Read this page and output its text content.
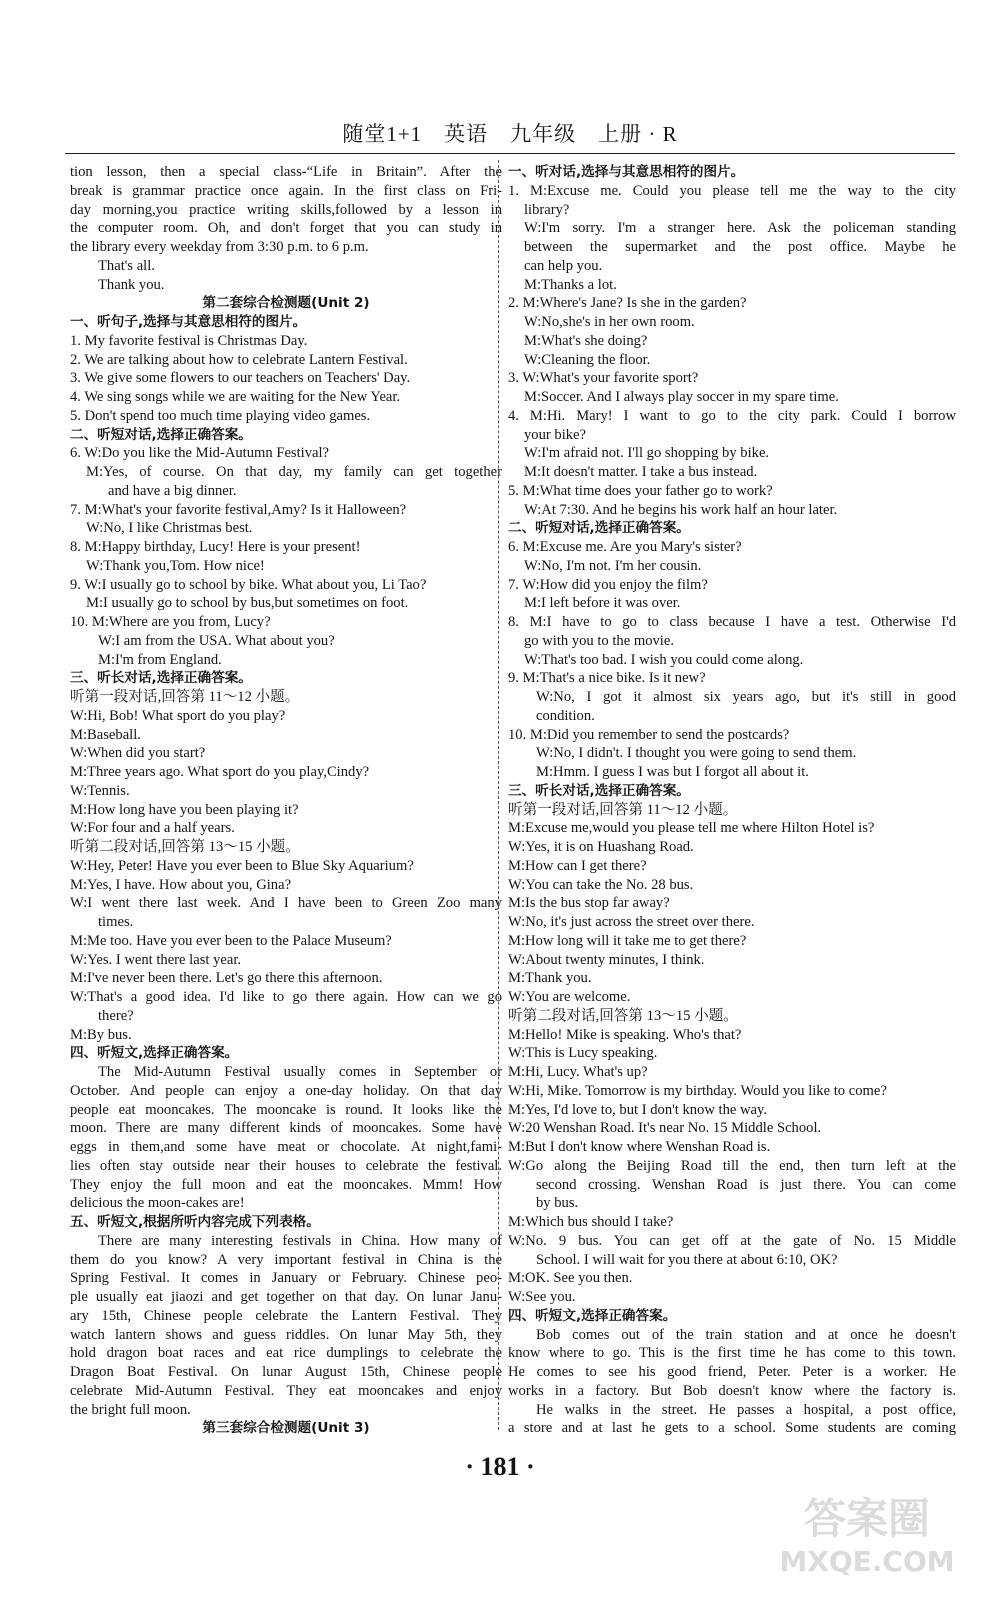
随堂1+1　英语　九年级　上册 · R
tion lesson, then a special class-“Life in Britain”. After the
break is grammar practice once again. In the first class on Fri-
day morning,you practice writing skills,followed by a lesson in
the computer room. Oh, and don't forget that you can study in
the library every weekday from 3:30 p.m. to 6 p.m.
That's all.
Thank you.
第二套综合检测题(Unit 2)
一、听句子,选择与其意思相符的图片。
1. My favorite festival is Christmas Day.
2. We are talking about how to celebrate Lantern Festival.
3. We give some flowers to our teachers on Teachers' Day.
4. We sing songs while we are waiting for the New Year.
5. Don't spend too much time playing video games.
二、听短对话,选择正确答案。
6. W:Do you like the Mid-Autumn Festival?
M:Yes, of course. On that day, my family can get together
and have a big dinner.
7. M:What's your favorite festival,Amy? Is it Halloween?
W:No, I like Christmas best.
8. M:Happy birthday, Lucy! Here is your present!
W:Thank you,Tom. How nice!
9. W:I usually go to school by bike. What about you, Li Tao?
M:I usually go to school by bus,but sometimes on foot.
10. M:Where are you from, Lucy?
W:I am from the USA. What about you?
M:I'm from England.
三、听长对话,选择正确答案。
听第一段对话,回答第 11～12 小题。
W:Hi, Bob! What sport do you play?
M:Baseball.
W:When did you start?
M:Three years ago. What sport do you play,Cindy?
W:Tennis.
M:How long have you been playing it?
W:For four and a half years.
听第二段对话,回答第 13～15 小题。
W:Hey, Peter! Have you ever been to Blue Sky Aquarium?
M:Yes, I have. How about you, Gina?
W:I went there last week. And I have been to Green Zoo many
times.
M:Me too. Have you ever been to the Palace Museum?
W:Yes. I went there last year.
M:I've never been there. Let's go there this afternoon.
W:That's a good idea. I'd like to go there again. How can we go
there?
M:By bus.
四、听短文,选择正确答案。
The Mid-Autumn Festival usually comes in September or
October. And people can enjoy a one-day holiday. On that day
people eat mooncakes. The mooncake is round. It looks like the
moon. There are many different kinds of mooncakes. Some have
eggs in them,and some have meat or chocolate. At night,fami-
lies often stay outside near their houses to celebrate the festival.
They enjoy the full moon and eat the mooncakes. Mmm! How
delicious the moon-cakes are!
五、听短文,根据所听内容完成下列表格。
There are many interesting festivals in China. How many of
them do you know? A very important festival in China is the
Spring Festival. It comes in January or February. Chinese peo-
ple usually eat jiaozi and get together on that day. On lunar Janu-
ary 15th, Chinese people celebrate the Lantern Festival. They
watch lantern shows and guess riddles. On lunar May 5th, they
hold dragon boat races and eat rice dumplings to celebrate the
Dragon Boat Festival. On lunar August 15th, Chinese people
celebrate Mid-Autumn Festival. They eat mooncakes and enjoy
the bright full moon.
第三套综合检测题(Unit 3)
一、听对话,选择与其意思相符的图片。
1. M:Excuse me. Could you please tell me the way to the city
library?
W:I'm sorry. I'm a stranger here. Ask the policeman standing
between the supermarket and the post office. Maybe he
can help you.
M:Thanks a lot.
2. M:Where's Jane? Is she in the garden?
W:No,she's in her own room.
M:What's she doing?
W:Cleaning the floor.
3. W:What's your favorite sport?
M:Soccer. And I always play soccer in my spare time.
4. M:Hi. Mary! I want to go to the city park. Could I borrow
your bike?
W:I'm afraid not. I'll go shopping by bike.
M:It doesn't matter. I take a bus instead.
5. M:What time does your father go to work?
W:At 7:30. And he begins his work half an hour later.
二、听短对话,选择正确答案。
6. M:Excuse me. Are you Mary's sister?
W:No, I'm not. I'm her cousin.
7. W:How did you enjoy the film?
M:I left before it was over.
8. M:I have to go to class because I have a test. Otherwise I'd
go with you to the movie.
W:That's too bad. I wish you could come along.
9. M:That's a nice bike. Is it new?
W:No, I got it almost six years ago, but it's still in good
condition.
10. M:Did you remember to send the postcards?
W:No, I didn't. I thought you were going to send them.
M:Hmm. I guess I was but I forgot all about it.
三、听长对话,选择正确答案。
听第一段对话,回答第 11～12 小题。
M:Excuse me,would you please tell me where Hilton Hotel is?
W:Yes, it is on Huashang Road.
M:How can I get there?
W:You can take the No. 28 bus.
M:Is the bus stop far away?
W:No, it's just across the street over there.
M:How long will it take me to get there?
W:About twenty minutes, I think.
M:Thank you.
W:You are welcome.
听第二段对话,回答第 13～15 小题。
M:Hello! Mike is speaking. Who's that?
W:This is Lucy speaking.
M:Hi, Lucy. What's up?
W:Hi, Mike. Tomorrow is my birthday. Would you like to come?
M:Yes, I'd love to, but I don't know the way.
W:20 Wenshan Road. It's near No. 15 Middle School.
M:But I don't know where Wenshan Road is.
W:Go along the Beijing Road till the end, then turn left at the
second crossing. Wenshan Road is just there. You can come
by bus.
M:Which bus should I take?
W:No. 9 bus. You can get off at the gate of No. 15 Middle
School. I will wait for you there at about 6:10, OK?
M:OK. See you then.
W:See you.
四、听短文,选择正确答案。
Bob comes out of the train station and at once he doesn't
know where to go. This is the first time he has come to this town.
He comes to see his good friend, Peter. Peter is a worker. He
works in a factory. But Bob doesn't know where the factory is.
He walks in the street. He passes a hospital, a post office,
a store and at last he gets to a school. Some students are coming
· 181 ·
答案圈
MXQE.COM
